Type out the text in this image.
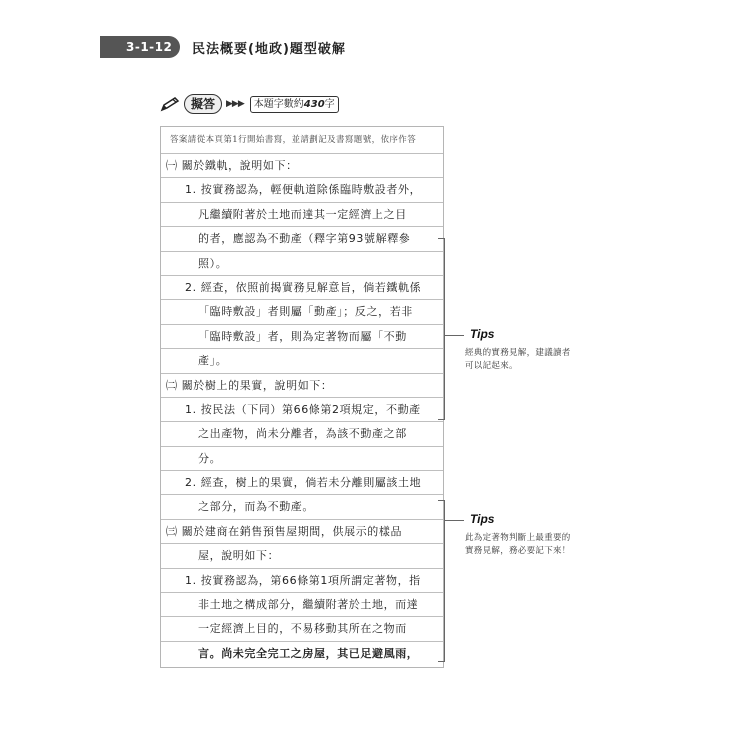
3-1-12	民法概要(地政)題型破解
擬答	▶▶▶	本題字數約430字
答案請從本頁第1行開始書寫，並請劃記及書寫題號，依序作答
㈠ 關於鐵軌，說明如下：
1. 按實務認為，輕便軌道除係臨時敷設者外，
凡繼續附著於土地而達其一定經濟上之目
的者，應認為不動產（釋字第93號解釋參
照）。
2. 經查，依照前揭實務見解意旨，倘若鐵軌係
「臨時敷設」者則屬「動產」；反之，若非
「臨時敷設」者，則為定著物而屬「不動
產」。
㈡ 關於樹上的果實，說明如下：
1. 按民法（下同）第66條第2項規定，不動產
之出產物，尚未分離者，為該不動產之部
分。
2. 經查，樹上的果實，倘若未分離則屬該土地
之部分，而為不動產。
㈢ 關於建商在銷售預售屋期間，供展示的樣品
屋，說明如下：
1. 按實務認為，第66條第1項所謂定著物，指
非土地之構成部分，繼續附著於土地，而達
一定經濟上目的，不易移動其所在之物而
言。尚未完全完工之房屋，其已足避風雨，
Tips
經典的實務見解，建議讀者可以記起來。
Tips
此為定著物判斷上最重要的實務見解，務必要記下來！
